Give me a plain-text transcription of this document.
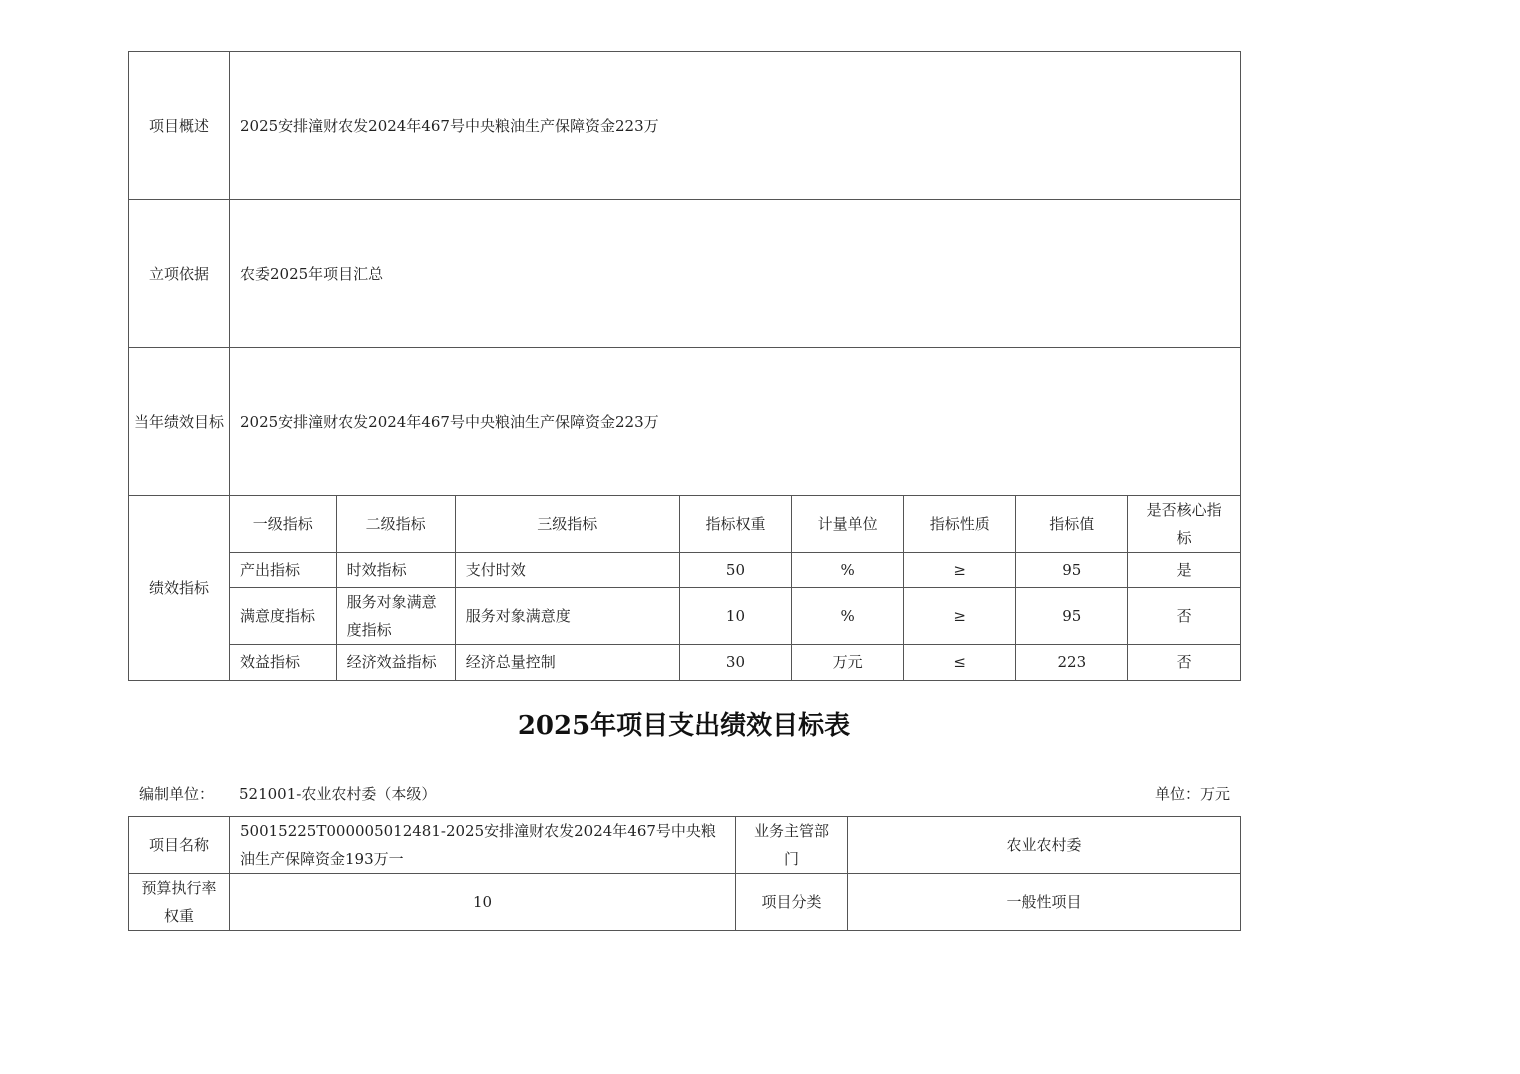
项目概述	2025安排潼财农发2024年467号中央粮油生产保障资金223万
立项依据	农委2025年项目汇总
当年绩效目标	2025安排潼财农发2024年467号中央粮油生产保障资金223万
绩效指标	
一级指标	二级指标	三级指标	指标权重	计量单位	指标性质	指标值	是否核心指标
产出指标	时效指标	支付时效	50	%	≥	95	是
满意度指标	服务对象满意度指标	服务对象满意度	10	%	≥	95	否
效益指标	经济效益指标	经济总量控制	30	万元	≤	223	否
2025年项目支出绩效目标表
编制单位： 521001-农业农村委（本级）	单位：万元
项目名称	50015225T000005012481-2025安排潼财农发2024年467号中央粮油生产保障资金193万一	业务主管部门	农业农村委
预算执行率权重	10	项目分类	一般性项目
